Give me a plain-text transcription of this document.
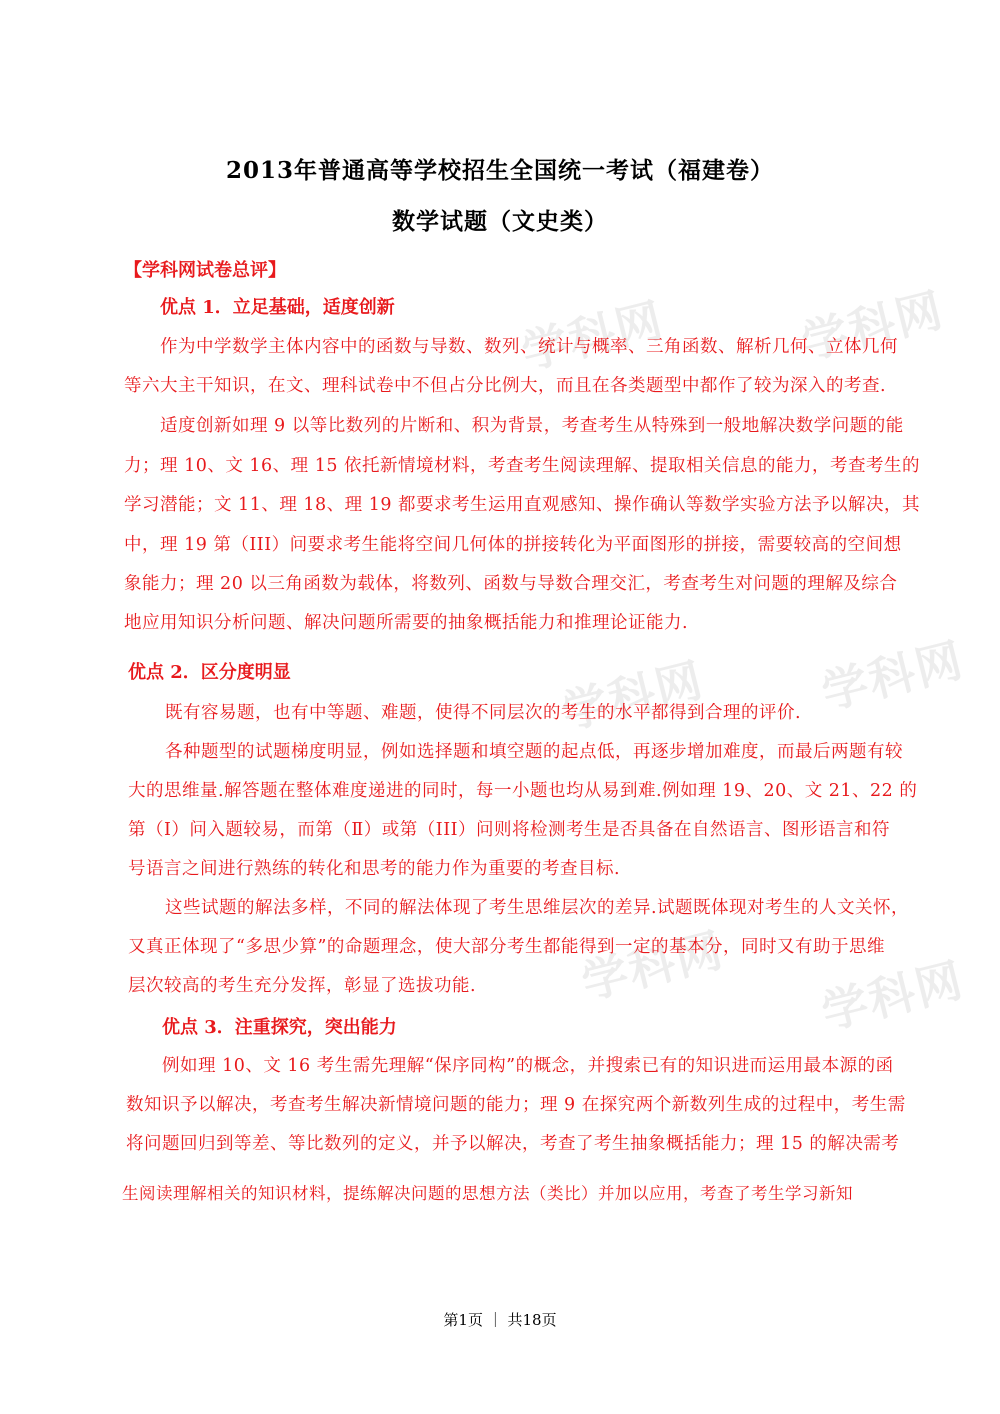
学科网	学科网
学科网
学科网
学科网 学科网
2013年普通高等学校招生全国统一考试（福建卷）
数学试题（文史类）
【学科网试卷总评】
优点 1．立足基础，适度创新
作为中学数学主体内容中的函数与导数、数列、统计与概率、三角函数、解析几何、立体几何
等六大主干知识，在文、理科试卷中不但占分比例大，而且在各类题型中都作了较为深入的考查.
适度创新如理 9 以等比数列的片断和、积为背景，考查考生从特殊到一般地解决数学问题的能
力；理 10、文 16、理 15 依托新情境材料，考查考生阅读理解、提取相关信息的能力，考查考生的
学习潜能；文 11、理 18、理 19 都要求考生运用直观感知、操作确认等数学实验方法予以解决，其
中，理 19 第（III）问要求考生能将空间几何体的拼接转化为平面图形的拼接，需要较高的空间想
象能力；理 20 以三角函数为载体，将数列、函数与导数合理交汇，考查考生对问题的理解及综合
地应用知识分析问题、解决问题所需要的抽象概括能力和推理论证能力.
优点 2．区分度明显
既有容易题，也有中等题、难题，使得不同层次的考生的水平都得到合理的评价.
各种题型的试题梯度明显，例如选择题和填空题的起点低，再逐步增加难度，而最后两题有较
大的思维量.解答题在整体难度递进的同时，每一小题也均从易到难.例如理 19、20、文 21、22 的
第（Ⅰ）问入题较易，而第（Ⅱ）或第（III）问则将检测考生是否具备在自然语言、图形语言和符
号语言之间进行熟练的转化和思考的能力作为重要的考查目标.
这些试题的解法多样，不同的解法体现了考生思维层次的差异.试题既体现对考生的人文关怀，
又真正体现了“多思少算”的命题理念，使大部分考生都能得到一定的基本分，同时又有助于思维
层次较高的考生充分发挥，彰显了选拔功能.
优点 3．注重探究，突出能力
例如理 10、文 16 考生需先理解“保序同构”的概念，并搜索已有的知识进而运用最本源的函
数知识予以解决，考查考生解决新情境问题的能力；理 9 在探究两个新数列生成的过程中，考生需
将问题回归到等差、等比数列的定义，并予以解决，考查了考生抽象概括能力；理 15 的解决需考
生阅读理解相关的知识材料，提练解决问题的思想方法（类比）并加以应用，考查了考生学习新知
第1页 ｜ 共18页
